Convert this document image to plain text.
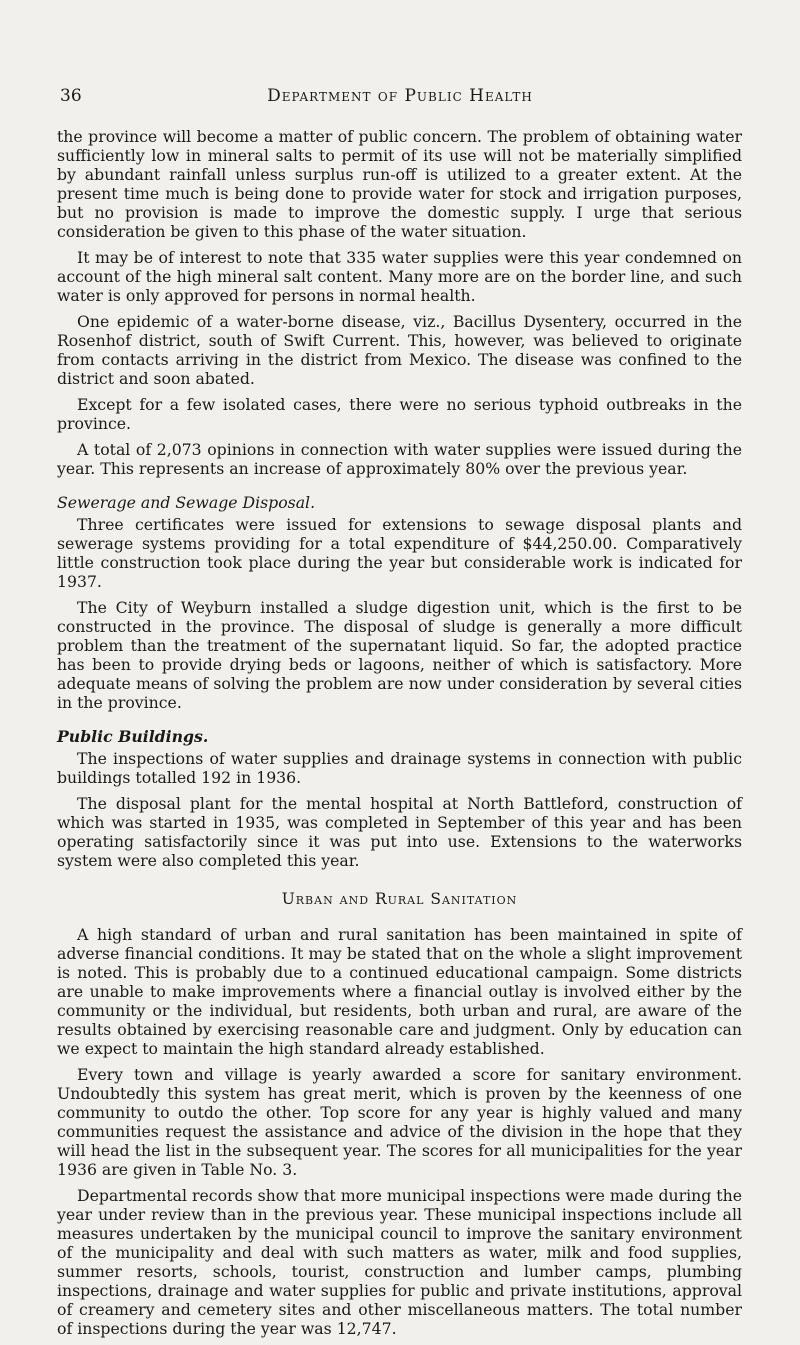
36	Department of Public Health

the province will become a matter of public concern. The problem of obtaining water sufficiently low in mineral salts to permit of its use will not be materially simplified by abundant rainfall unless surplus run-off is utilized to a greater extent. At the present time much is being done to provide water for stock and irrigation purposes, but no provision is made to improve the domestic supply. I urge that serious consideration be given to this phase of the water situation.

It may be of interest to note that 335 water supplies were this year condemned on account of the high mineral salt content. Many more are on the border line, and such water is only approved for persons in normal health.

One epidemic of a water-borne disease, viz., Bacillus Dysentery, occurred in the Rosenhof district, south of Swift Current. This, however, was believed to originate from contacts arriving in the district from Mexico. The disease was confined to the district and soon abated.

Except for a few isolated cases, there were no serious typhoid outbreaks in the province.

A total of 2,073 opinions in connection with water supplies were issued during the year. This represents an increase of approximately 80% over the previous year.

Sewerage and Sewage Disposal.

Three certificates were issued for extensions to sewage disposal plants and sewerage systems providing for a total expenditure of $44,250.00. Comparatively little construction took place during the year but considerable work is indicated for 1937.

The City of Weyburn installed a sludge digestion unit, which is the first to be constructed in the province. The disposal of sludge is generally a more difficult problem than the treatment of the supernatant liquid. So far, the adopted practice has been to provide drying beds or lagoons, neither of which is satisfactory. More adequate means of solving the problem are now under consideration by several cities in the province.

Public Buildings.

The inspections of water supplies and drainage systems in connection with public buildings totalled 192 in 1936.

The disposal plant for the mental hospital at North Battleford, construction of which was started in 1935, was completed in September of this year and has been operating satisfactorily since it was put into use. Extensions to the waterworks system were also completed this year.

Urban and Rural Sanitation

A high standard of urban and rural sanitation has been maintained in spite of adverse financial conditions. It may be stated that on the whole a slight improvement is noted. This is probably due to a continued educational campaign. Some districts are unable to make improvements where a financial outlay is involved either by the community or the individual, but residents, both urban and rural, are aware of the results obtained by exercising reasonable care and judgment. Only by education can we expect to maintain the high standard already established.

Every town and village is yearly awarded a score for sanitary environment. Undoubtedly this system has great merit, which is proven by the keenness of one community to outdo the other. Top score for any year is highly valued and many communities request the assistance and advice of the division in the hope that they will head the list in the subsequent year. The scores for all municipalities for the year 1936 are given in Table No. 3.

Departmental records show that more municipal inspections were made during the year under review than in the previous year. These municipal inspections include all measures undertaken by the municipal council to improve the sanitary environment of the municipality and deal with such matters as water, milk and food supplies, summer resorts, schools, tourist, construction and lumber camps, plumbing inspections, drainage and water supplies for public and private institutions, approval of creamery and cemetery sites and other miscellaneous matters. The total number of inspections during the year was 12,747.
